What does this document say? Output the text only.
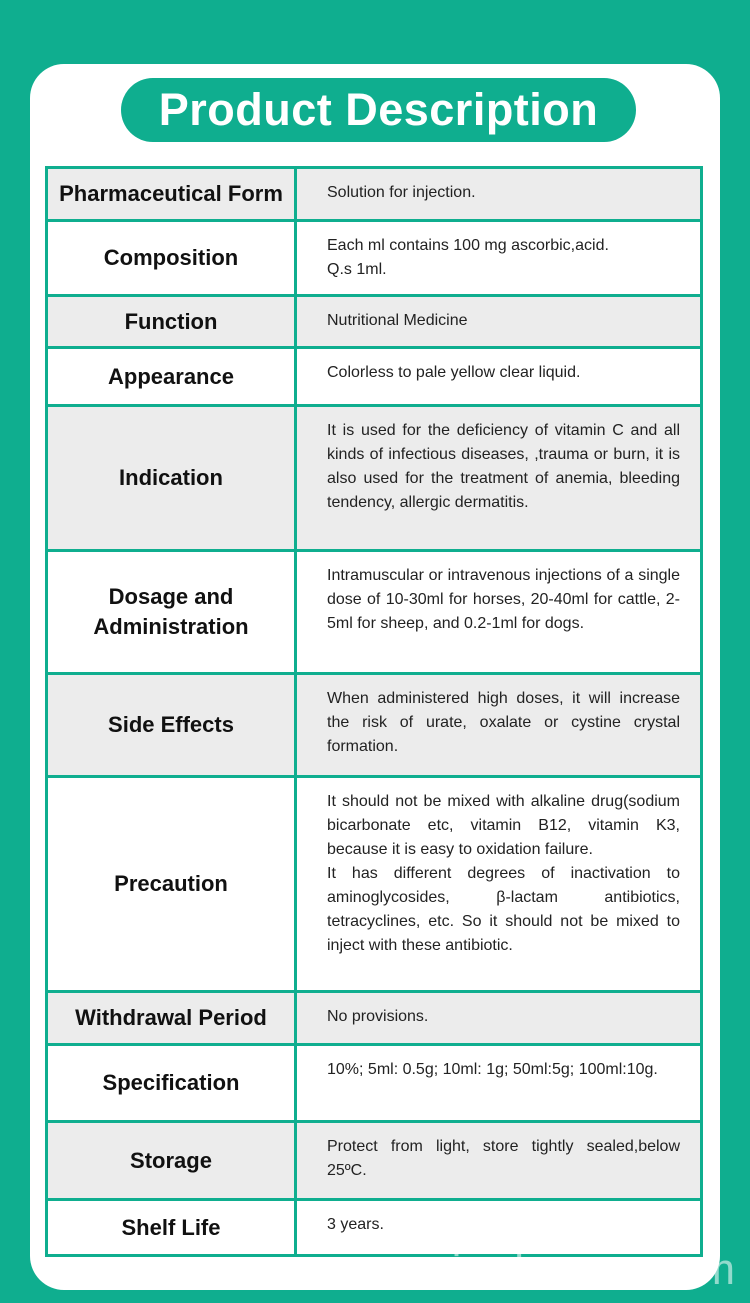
Product Description
Pharmaceutical Form	Solution for injection.

Composition	Each ml contains 100 mg ascorbic,acid.
Q.s 1ml.

Function	Nutritional Medicine

Appearance	Colorless to pale yellow clear liquid.

Indication	It is used for the deficiency of vitamin C and all kinds of infectious diseases, ,trauma or burn, it is also used for the treatment of anemia, bleeding tendency, allergic dermatitis.

Dosage and
Administration	Intramuscular or intravenous injections of a single dose of 10-30ml for horses, 20-40ml for cattle, 2-5ml for sheep, and 0.2-1ml for dogs.

Side Effects	When administered high doses, it will increase the risk of urate, oxalate or cystine crystal formation.

Precaution	It should not be mixed with alkaline drug(sodium bicarbonate etc, vitamin B12, vitamin K3, because it is easy to oxidation failure.
It has different degrees of inactivation to aminoglycosides, β-lactam antibiotics, tetracyclines, etc. So it should not be mixed to inject with these antibiotic.

Withdrawal Period	No provisions.

Specification	10%; 5ml: 0.5g; 10ml: 1g; 50ml:5g; 100ml:10g.

Storage	Protect from light, store tightly sealed,below 25ºC.

Shelf Life	3 years.
vi.rclvman.com
